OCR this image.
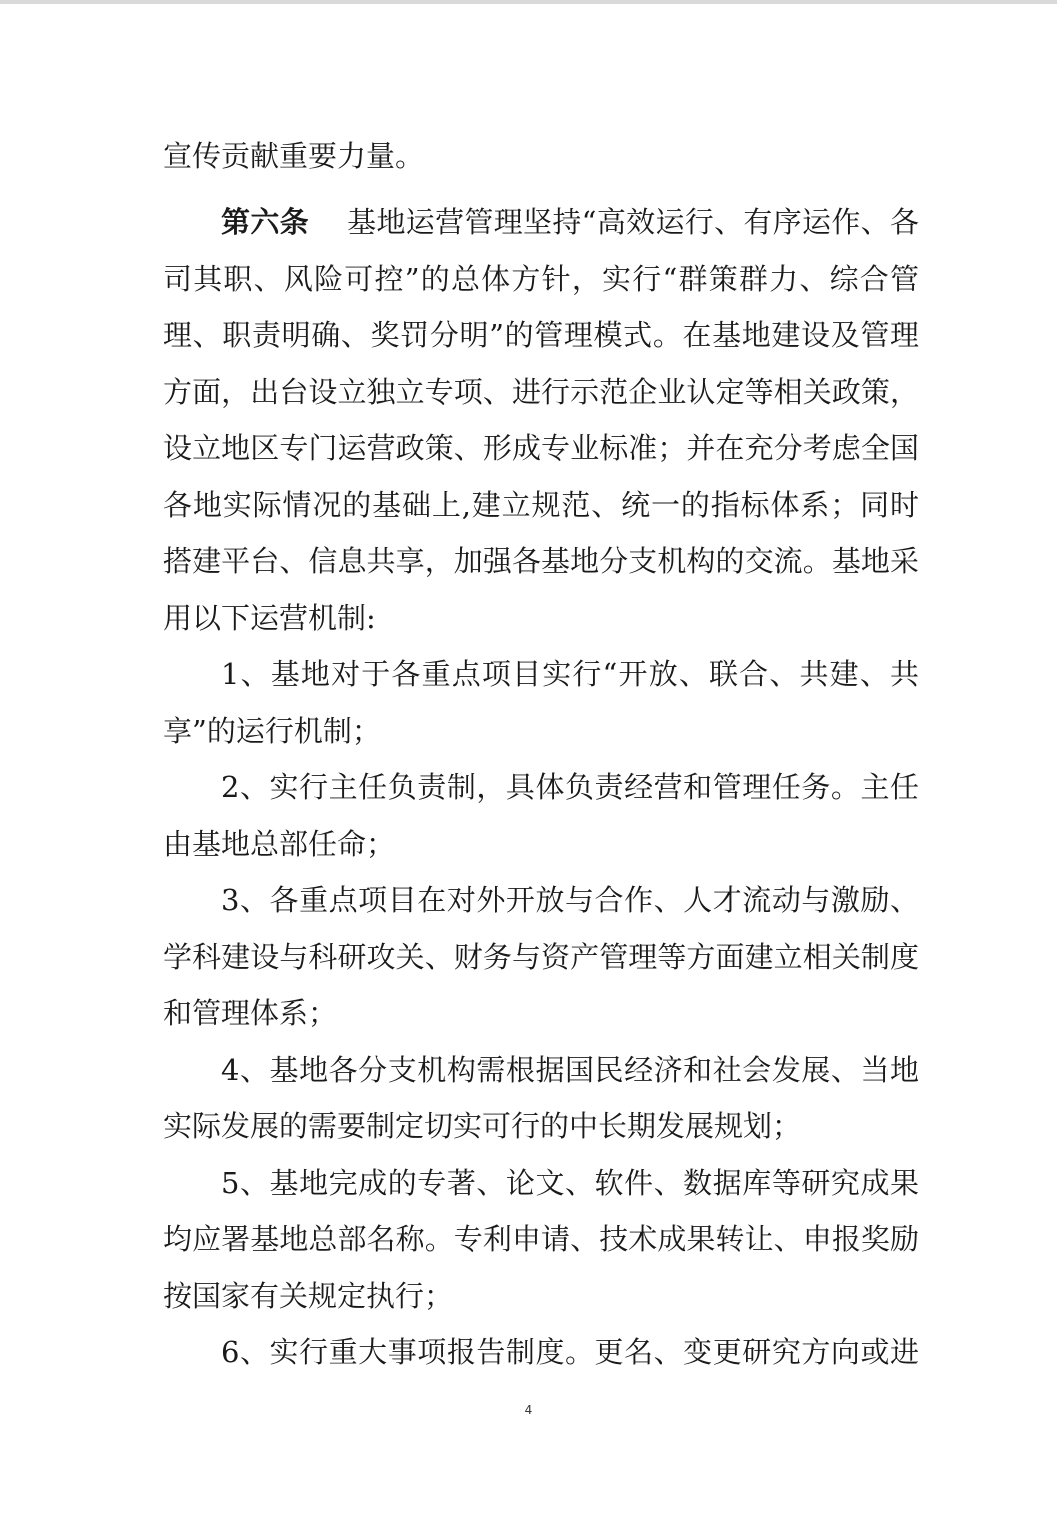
宣传贡献重要力量。
第六条 基地运营管理坚持“高效运行、有序运作、各
司其职、风险可控”的总体方针，实行“群策群力、综合管
理、职责明确、奖罚分明”的管理模式。在基地建设及管理
方面，出台设立独立专项、进行示范企业认定等相关政策，
设立地区专门运营政策、形成专业标准；并在充分考虑全国
各地实际情况的基础上,建立规范、统一的指标体系；同时
搭建平台、信息共享，加强各基地分支机构的交流。基地采
用以下运营机制:
1、基地对于各重点项目实行“开放、联合、共建、共
享”的运行机制；
2、实行主任负责制，具体负责经营和管理任务。主任
由基地总部任命；
3、各重点项目在对外开放与合作、人才流动与激励、
学科建设与科研攻关、财务与资产管理等方面建立相关制度
和管理体系；
4、基地各分支机构需根据国民经济和社会发展、当地
实际发展的需要制定切实可行的中长期发展规划；
5、基地完成的专著、论文、软件、数据库等研究成果
均应署基地总部名称。专利申请、技术成果转让、申报奖励
按国家有关规定执行；
6、实行重大事项报告制度。更名、变更研究方向或进
4
